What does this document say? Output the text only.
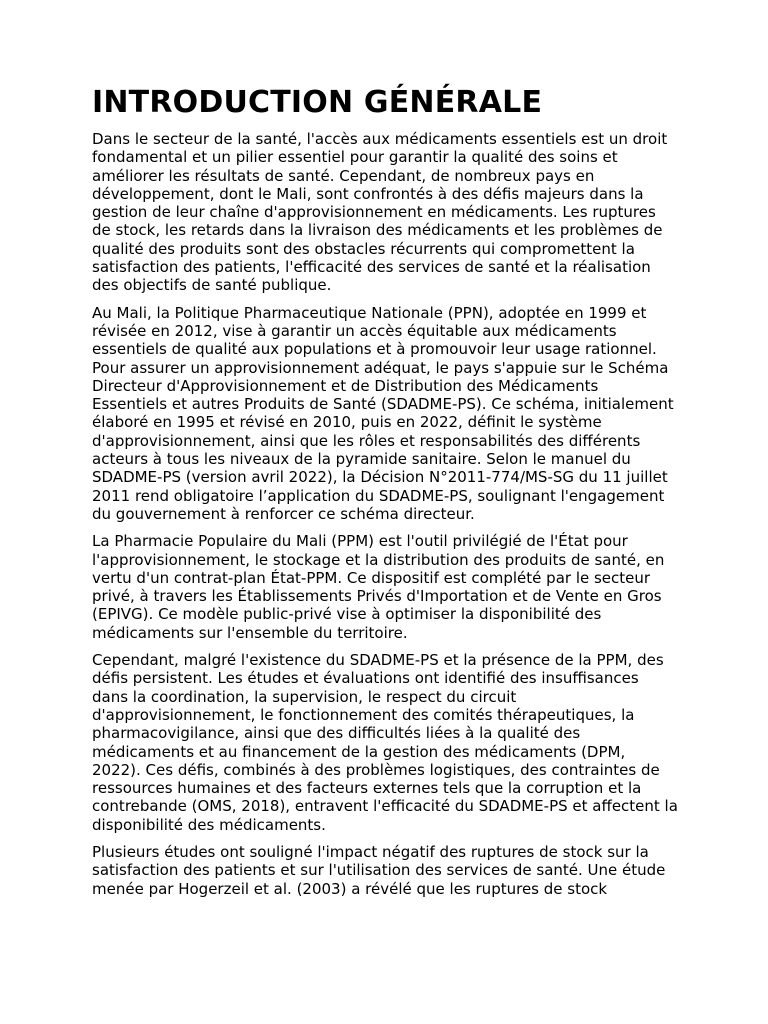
INTRODUCTION GÉNÉRALE

Dans le secteur de la santé, l'accès aux médicaments essentiels est un droit fondamental et un pilier essentiel pour garantir la qualité des soins et améliorer les résultats de santé. Cependant, de nombreux pays en développement, dont le Mali, sont confrontés à des défis majeurs dans la gestion de leur chaîne d'approvisionnement en médicaments. Les ruptures de stock, les retards dans la livraison des médicaments et les problèmes de qualité des produits sont des obstacles récurrents qui compromettent la satisfaction des patients, l'efficacité des services de santé et la réalisation des objectifs de santé publique.

Au Mali, la Politique Pharmaceutique Nationale (PPN), adoptée en 1999 et révisée en 2012, vise à garantir un accès équitable aux médicaments essentiels de qualité aux populations et à promouvoir leur usage rationnel. Pour assurer un approvisionnement adéquat, le pays s'appuie sur le Schéma Directeur d'Approvisionnement et de Distribution des Médicaments Essentiels et autres Produits de Santé (SDADME-PS). Ce schéma, initialement élaboré en 1995 et révisé en 2010, puis en 2022, définit le système d'approvisionnement, ainsi que les rôles et responsabilités des différents acteurs à tous les niveaux de la pyramide sanitaire. Selon le manuel du SDADME-PS (version avril 2022), la Décision N°2011-774/MS-SG du 11 juillet 2011 rend obligatoire l’application du SDADME-PS, soulignant l'engagement du gouvernement à renforcer ce schéma directeur.

La Pharmacie Populaire du Mali (PPM) est l'outil privilégié de l'État pour l'approvisionnement, le stockage et la distribution des produits de santé, en vertu d'un contrat-plan État-PPM. Ce dispositif est complété par le secteur privé, à travers les Établissements Privés d'Importation et de Vente en Gros (EPIVG). Ce modèle public-privé vise à optimiser la disponibilité des médicaments sur l'ensemble du territoire.

Cependant, malgré l'existence du SDADME-PS et la présence de la PPM, des défis persistent. Les études et évaluations ont identifié des insuffisances dans la coordination, la supervision, le respect du circuit d'approvisionnement, le fonctionnement des comités thérapeutiques, la pharmacovigilance, ainsi que des difficultés liées à la qualité des médicaments et au financement de la gestion des médicaments (DPM, 2022). Ces défis, combinés à des problèmes logistiques, des contraintes de ressources humaines et des facteurs externes tels que la corruption et la contrebande (OMS, 2018), entravent l'efficacité du SDADME-PS et affectent la disponibilité des médicaments.

Plusieurs études ont souligné l'impact négatif des ruptures de stock sur la satisfaction des patients et sur l'utilisation des services de santé. Une étude menée par Hogerzeil et al. (2003) a révélé que les ruptures de stock
